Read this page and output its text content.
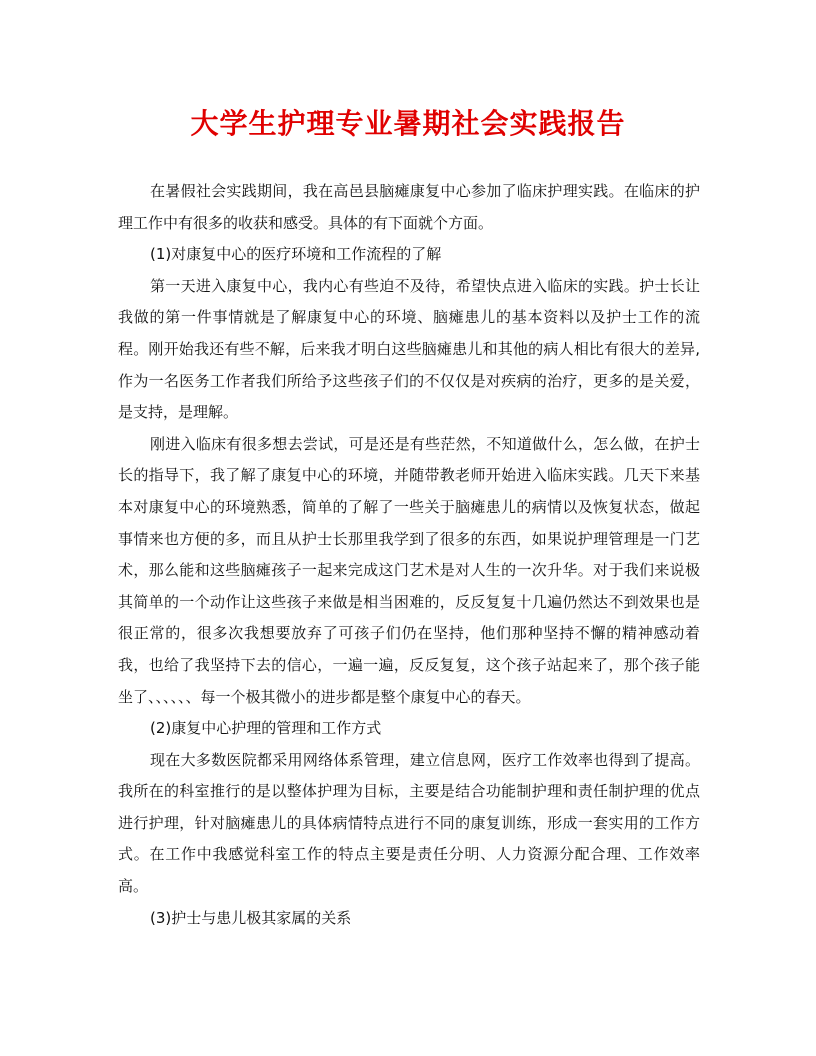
大学生护理专业暑期社会实践报告

在暑假社会实践期间，我在高邑县脑瘫康复中心参加了临床护理实践。在临床的护理工作中有很多的收获和感受。具体的有下面就个方面。

(1)对康复中心的医疗环境和工作流程的了解

第一天进入康复中心，我内心有些迫不及待，希望快点进入临床的实践。护士长让我做的第一件事情就是了解康复中心的环境、脑瘫患儿的基本资料以及护士工作的流程。刚开始我还有些不解，后来我才明白这些脑瘫患儿和其他的病人相比有很大的差异,作为一名医务工作者我们所给予这些孩子们的不仅仅是对疾病的治疗，更多的是关爱，是支持，是理解。

刚进入临床有很多想去尝试，可是还是有些茫然，不知道做什么，怎么做，在护士长的指导下，我了解了康复中心的环境，并随带教老师开始进入临床实践。几天下来基本对康复中心的环境熟悉，简单的了解了一些关于脑瘫患儿的病情以及恢复状态，做起事情来也方便的多，而且从护士长那里我学到了很多的东西，如果说护理管理是一门艺术，那么能和这些脑瘫孩子一起来完成这门艺术是对人生的一次升华。对于我们来说极其简单的一个动作让这些孩子来做是相当困难的，反反复复十几遍仍然达不到效果也是很正常的，很多次我想要放弃了可孩子们仍在坚持，他们那种坚持不懈的精神感动着我，也给了我坚持下去的信心，一遍一遍，反反复复，这个孩子站起来了，那个孩子能坐了、、、、、、每一个极其微小的进步都是整个康复中心的春天。

(2)康复中心护理的管理和工作方式

现在大多数医院都采用网络体系管理，建立信息网，医疗工作效率也得到了提高。我所在的科室推行的是以整体护理为目标，主要是结合功能制护理和责任制护理的优点进行护理，针对脑瘫患儿的具体病情特点进行不同的康复训练，形成一套实用的工作方式。在工作中我感觉科室工作的特点主要是责任分明、人力资源分配合理、工作效率高。

(3)护士与患儿极其家属的关系
